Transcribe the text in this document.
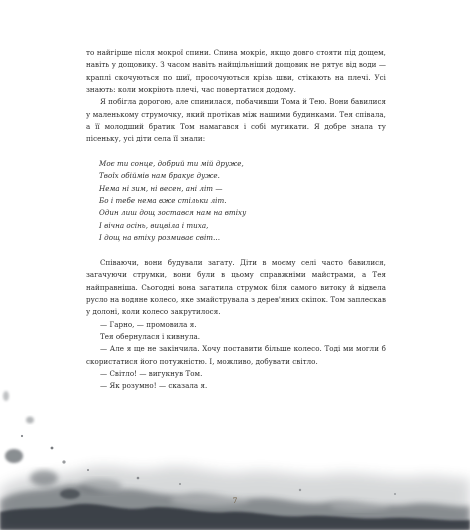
то найгірше після мокрої спини. Спина мокріє, якщо довго стояти під дощем, навіть у дощовику. З часом навіть найщільніший дощовик не рятує від води — краплі скочуються по шиї, просочуються крізь шви, стікають на плечі. Усі знають: коли мокріють плечі, час повертатися додому.

Я побігла дорогою, але спинилася, побачивши Тома й Тею. Вони бавилися у маленькому струмочку, який протікав між нашими будинками. Тея співала, а її молодший братик Том намагався і собі мугикати. Я добре знала ту пісеньку, усі діти села її знали:

Моє ти сонце, добрий ти мій друже,
Твоїх обіймів нам бракує дуже.
Нема ні зим, ні весен, ані літ —
Бо і тебе нема вже стільки літ.
Один лиш дощ зостався нам на втіху
І вічна осінь, вицвіла і тиха,
І дощ на втіху розмиває світ…

Співаючи, вони будували загату. Діти в моєму селі часто бавилися, загачуючи струмки, вони були в цьому справжніми майстрами, а Тея найправніша. Сьогодні вона загатила струмок біля самого витоку й відвела русло на водяне колесо, яке змайструвала з дерев'яних скіпок. Том заплескав у долоні, коли колесо закрутилося.

— Гарно, — промовила я.

Тея обернулася і кивнула.

— Але я ще не закінчила. Хочу поставити більше колесо. Тоді ми могли б скористатися його потужністю. І, можливо, добувати світло.

— Світло! — вигукнув Том.

— Як розумно! — сказала я.

7
